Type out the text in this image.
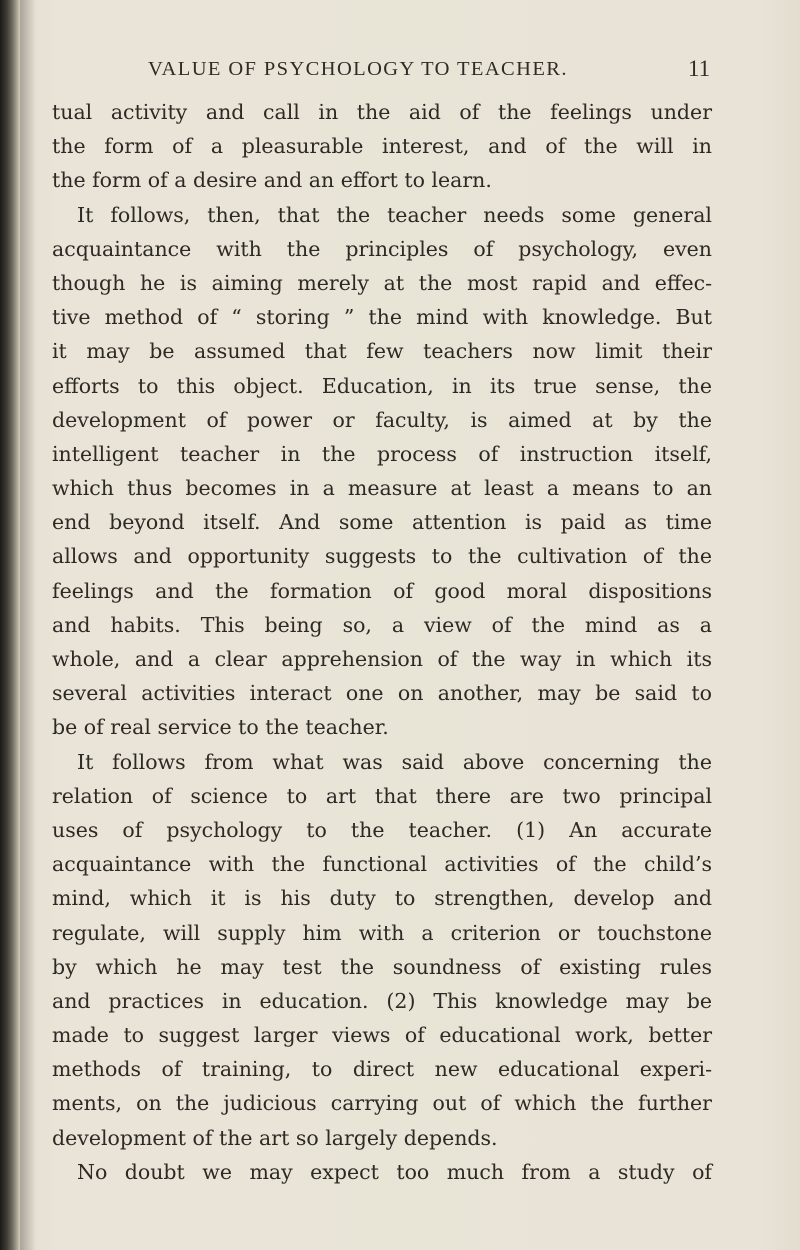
VALUE OF PSYCHOLOGY TO TEACHER.	11
tual activity and call in the aid of the feelings under
the form of a pleasurable interest, and of the will in
the form of a desire and an effort to learn.
It follows, then, that the teacher needs some general
acquaintance with the principles of psychology, even
though he is aiming merely at the most rapid and effec-
tive method of “ storing ” the mind with knowledge. But
it may be assumed that few teachers now limit their
efforts to this object. Education, in its true sense, the
development of power or faculty, is aimed at by the
intelligent teacher in the process of instruction itself,
which thus becomes in a measure at least a means to an
end beyond itself. And some attention is paid as time
allows and opportunity suggests to the cultivation of the
feelings and the formation of good moral dispositions
and habits. This being so, a view of the mind as a
whole, and a clear apprehension of the way in which its
several activities interact one on another, may be said to
be of real service to the teacher.
It follows from what was said above concerning the
relation of science to art that there are two principal
uses of psychology to the teacher. (1) An accurate
acquaintance with the functional activities of the child’s
mind, which it is his duty to strengthen, develop and
regulate, will supply him with a criterion or touchstone
by which he may test the soundness of existing rules
and practices in education. (2) This knowledge may be
made to suggest larger views of educational work, better
methods of training, to direct new educational experi-
ments, on the judicious carrying out of which the further
development of the art so largely depends.
No doubt we may expect too much from a study of
